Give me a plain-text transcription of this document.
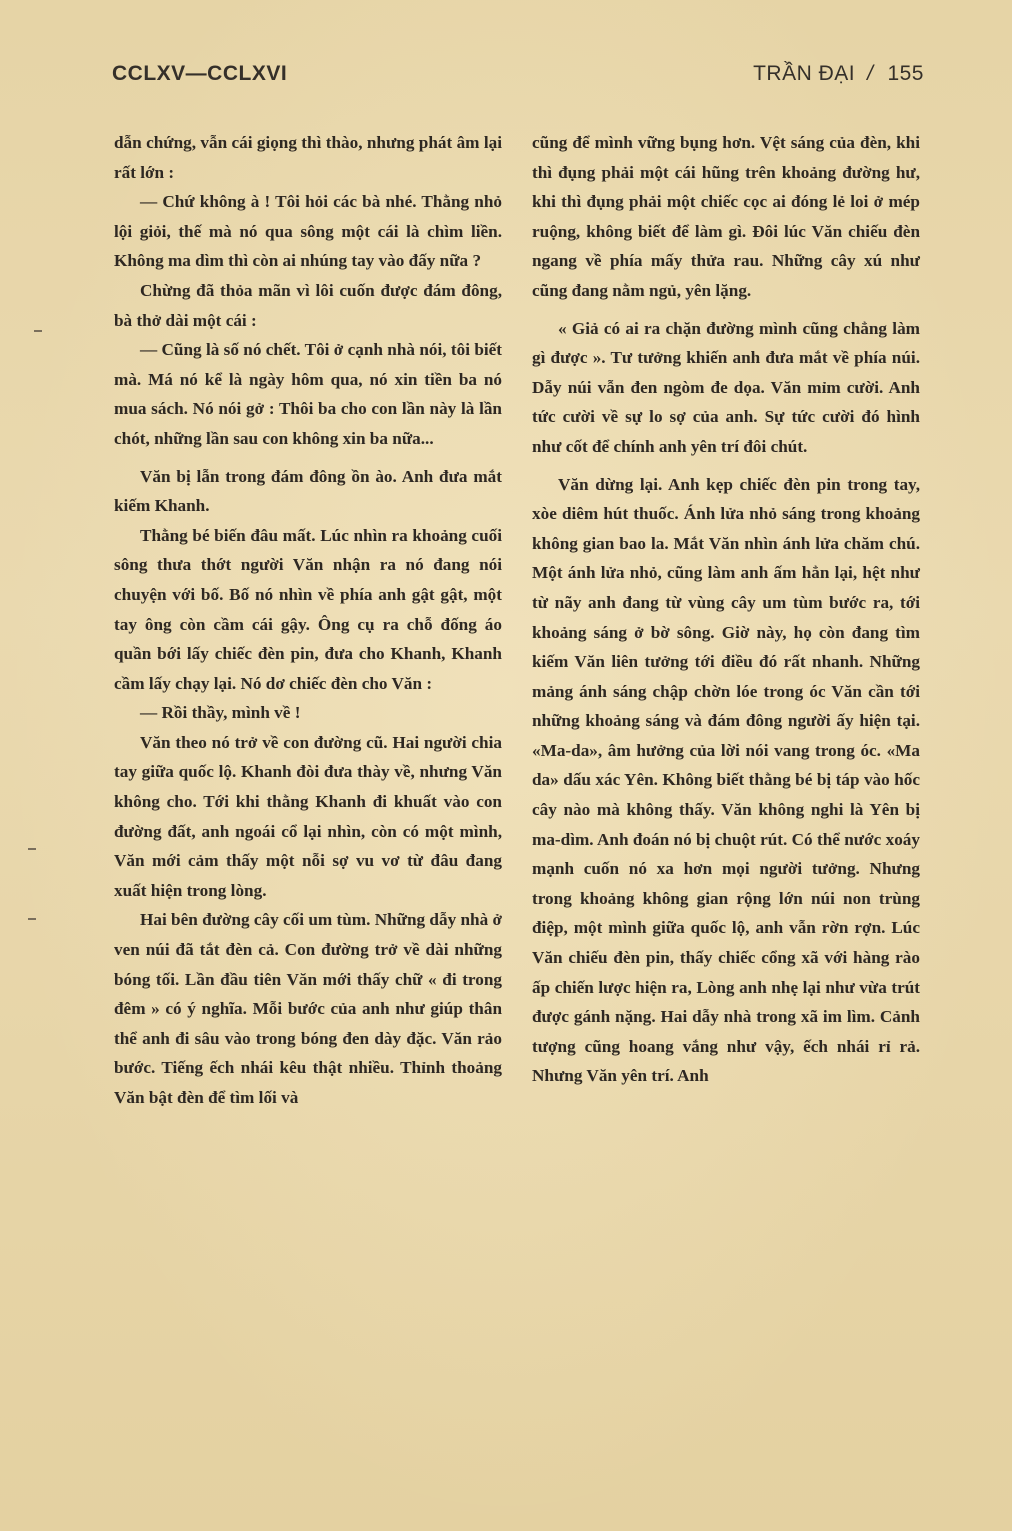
CCLXV—CCLXVI	TRẦN ĐẠI / 155

dẫn chứng, vẫn cái giọng thì thào, nhưng phát âm lại rất lớn :

— Chứ không à ! Tôi hỏi các bà nhé. Thằng nhỏ lội giỏi, thế mà nó qua sông một cái là chìm liền. Không ma dìm thì còn ai nhúng tay vào đấy nữa ?

Chừng đã thỏa mãn vì lôi cuốn được đám đông, bà thở dài một cái :

— Cũng là số nó chết. Tôi ở cạnh nhà nói, tôi biết mà. Má nó kể là ngày hôm qua, nó xin tiền ba nó mua sách. Nó nói gở : Thôi ba cho con lần này là lần chót, những lần sau con không xin ba nữa...

Văn bị lẫn trong đám đông ồn ào. Anh đưa mắt kiếm Khanh.

Thằng bé biến đâu mất. Lúc nhìn ra khoảng cuối sông thưa thớt người Văn nhận ra nó đang nói chuyện với bố. Bố nó nhìn về phía anh gật gật, một tay ông còn cầm cái gậy. Ông cụ ra chỗ đống áo quần bới lấy chiếc đèn pin, đưa cho Khanh, Khanh cầm lấy chạy lại. Nó dơ chiếc đèn cho Văn :

— Rồi thầy, mình về !

Văn theo nó trở về con đường cũ. Hai người chia tay giữa quốc lộ. Khanh đòi đưa thày về, nhưng Văn không cho. Tới khi thằng Khanh đi khuất vào con đường đất, anh ngoái cổ lại nhìn, còn có một mình, Văn mới cảm thấy một nỗi sợ vu vơ từ đâu đang xuất hiện trong lòng.

Hai bên đường cây cối um tùm. Những dẫy nhà ở ven núi đã tắt đèn cả. Con đường trở về dài những bóng tối. Lần đầu tiên Văn mới thấy chữ « đi trong đêm » có ý nghĩa. Mỗi bước của anh như giúp thân thể anh đi sâu vào trong bóng đen dày đặc. Văn rảo bước. Tiếng ếch nhái kêu thật nhiều. Thỉnh thoảng Văn bật đèn để tìm lối và

cũng để mình vững bụng hơn. Vệt sáng của đèn, khi thì đụng phải một cái hũng trên khoảng đường hư, khi thì đụng phải một chiếc cọc ai đóng lẻ loi ở mép ruộng, không biết để làm gì. Đôi lúc Văn chiếu đèn ngang về phía mấy thửa rau. Những cây xú như cũng đang nằm ngủ, yên lặng.

« Giả có ai ra chặn đường mình cũng chẳng làm gì được ». Tư tưởng khiến anh đưa mắt về phía núi. Dẫy núi vẫn đen ngòm đe dọa. Văn mỉm cười. Anh tức cười về sự lo sợ của anh. Sự tức cười đó hình như cốt để chính anh yên trí đôi chút.

Văn dừng lại. Anh kẹp chiếc đèn pin trong tay, xòe diêm hút thuốc. Ánh lửa nhỏ sáng trong khoảng không gian bao la. Mắt Văn nhìn ánh lửa chăm chú. Một ánh lửa nhỏ, cũng làm anh ấm hẳn lại, hệt như từ nãy anh đang từ vùng cây um tùm bước ra, tới khoảng sáng ở bờ sông. Giờ này, họ còn đang tìm kiếm Văn liên tưởng tới điều đó rất nhanh. Những mảng ánh sáng chập chờn lóe trong óc Văn cần tới những khoảng sáng và đám đông người ấy hiện tại. «Ma-da», âm hưởng của lời nói vang trong óc. «Ma da» dấu xác Yên. Không biết thằng bé bị táp vào hốc cây nào mà không thấy. Văn không nghi là Yên bị ma-dìm. Anh đoán nó bị chuột rút. Có thể nước xoáy mạnh cuốn nó xa hơn mọi người tưởng. Nhưng trong khoảng không gian rộng lớn núi non trùng điệp, một mình giữa quốc lộ, anh vẫn rờn rợn. Lúc Văn chiếu đèn pin, thấy chiếc cổng xã với hàng rào ấp chiến lược hiện ra, Lòng anh nhẹ lại như vừa trút được gánh nặng. Hai dẫy nhà trong xã im lìm. Cảnh tượng cũng hoang vắng như vậy, ếch nhái rỉ rả. Nhưng Văn yên trí. Anh
